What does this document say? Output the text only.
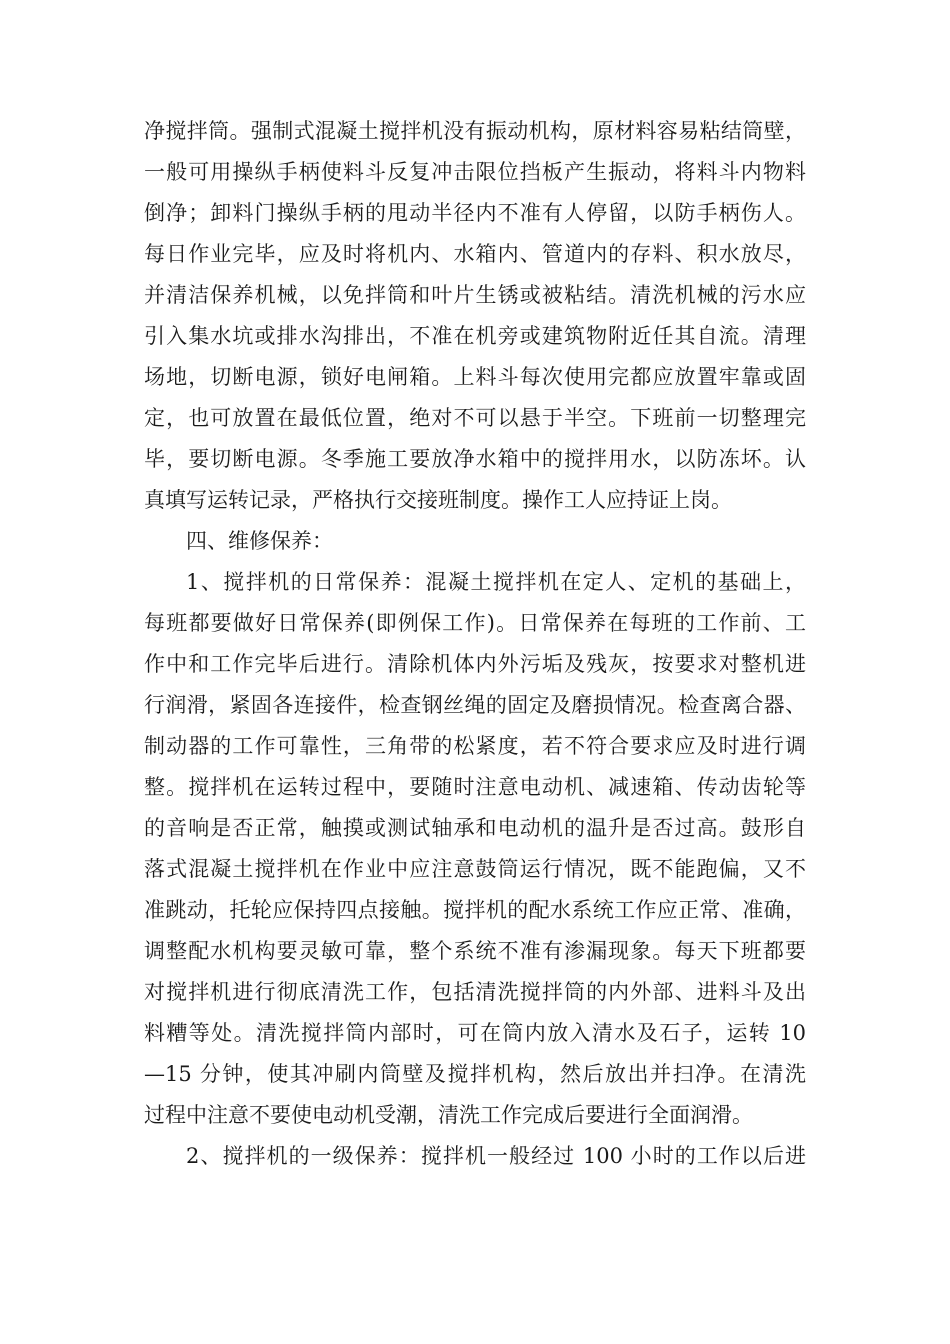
净搅拌筒。强制式混凝土搅拌机没有振动机构，原材料容易粘结筒壁，
一般可用操纵手柄使料斗反复冲击限位挡板产生振动，将料斗内物料
倒净；卸料门操纵手柄的甩动半径内不准有人停留，以防手柄伤人。
每日作业完毕，应及时将机内、水箱内、管道内的存料、积水放尽，
并清洁保养机械，以免拌筒和叶片生锈或被粘结。清洗机械的污水应
引入集水坑或排水沟排出，不准在机旁或建筑物附近任其自流。清理
场地，切断电源，锁好电闸箱。上料斗每次使用完都应放置牢靠或固
定，也可放置在最低位置，绝对不可以悬于半空。下班前一切整理完
毕，要切断电源。冬季施工要放净水箱中的搅拌用水，以防冻坏。认
真填写运转记录，严格执行交接班制度。操作工人应持证上岗。
四、维修保养：
1、搅拌机的日常保养：混凝土搅拌机在定人、定机的基础上，
每班都要做好日常保养(即例保工作)。日常保养在每班的工作前、工
作中和工作完毕后进行。清除机体内外污垢及残灰，按要求对整机进
行润滑，紧固各连接件，检查钢丝绳的固定及磨损情况。检查离合器、
制动器的工作可靠性，三角带的松紧度，若不符合要求应及时进行调
整。搅拌机在运转过程中，要随时注意电动机、减速箱、传动齿轮等
的音响是否正常，触摸或测试轴承和电动机的温升是否过高。鼓形自
落式混凝土搅拌机在作业中应注意鼓筒运行情况，既不能跑偏，又不
准跳动，托轮应保持四点接触。搅拌机的配水系统工作应正常、准确，
调整配水机构要灵敏可靠，整个系统不准有渗漏现象。每天下班都要
对搅拌机进行彻底清洗工作，包括清洗搅拌筒的内外部、进料斗及出
料糟等处。清洗搅拌筒内部时，可在筒内放入清水及石子，运转 10
—15 分钟，使其冲刷内筒壁及搅拌机构，然后放出并扫净。在清洗
过程中注意不要使电动机受潮，清洗工作完成后要进行全面润滑。
2、搅拌机的一级保养：搅拌机一般经过 100 小时的工作以后进
